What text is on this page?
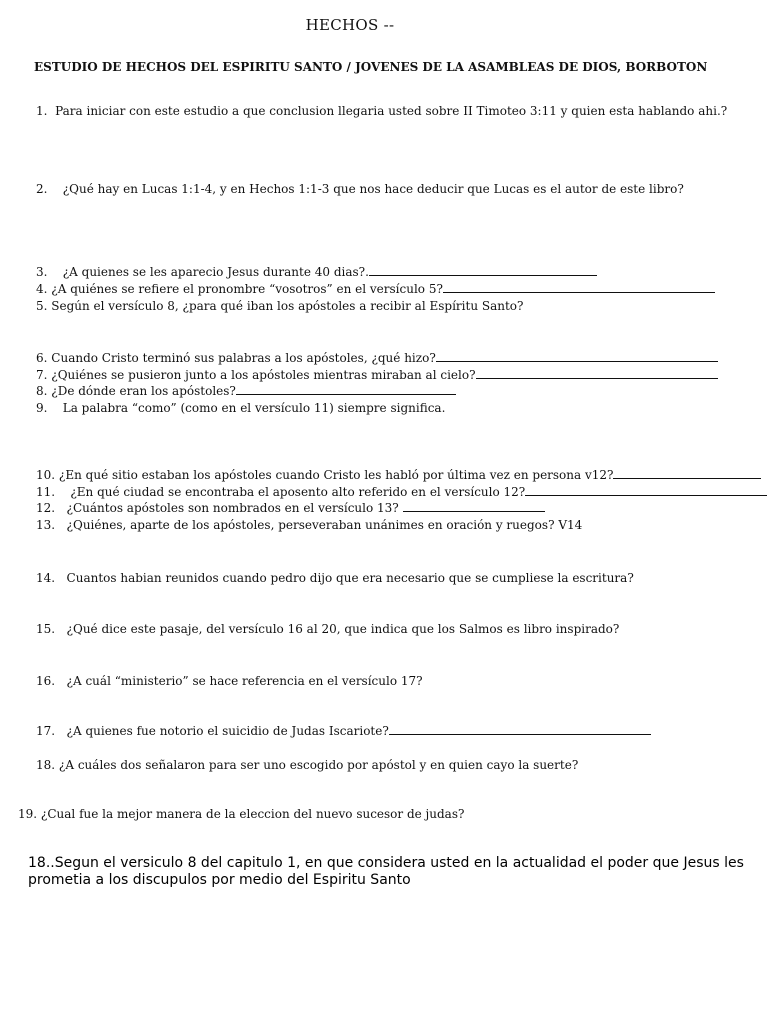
HECHOS --
ESTUDIO DE HECHOS DEL ESPIRITU SANTO / JOVENES DE LA ASAMBLEAS DE DIOS, BORBOTON
1. Para iniciar con este estudio a que conclusion llegaria usted sobre II Timoteo 3:11 y quien esta hablando ahi.?
2. ¿Qué hay en Lucas 1:1-4, y en Hechos 1:1-3 que nos hace deducir que Lucas es el autor de este libro?
3. ¿A quienes se les aparecio Jesus durante 40 dias?.
4. ¿A quiénes se refiere el pronombre “vosotros” en el versículo 5?
5. Según el versículo 8, ¿para qué iban los apóstoles a recibir al Espíritu Santo?
6. Cuando Cristo terminó sus palabras a los apóstoles, ¿qué hizo?
7. ¿Quiénes se pusieron junto a los apóstoles mientras miraban al cielo?
8. ¿De dónde eran los apóstoles?
9. La palabra “como” (como en el versículo 11) siempre significa.
10. ¿En qué sitio estaban los apóstoles cuando Cristo les habló por última vez en persona v12?
11. ¿En qué ciudad se encontraba el aposento alto referido en el versículo 12?
12. ¿Cuántos apóstoles son nombrados en el versículo 13?
13. ¿Quiénes, aparte de los apóstoles, perseveraban unánimes en oración y ruegos? V14
14. Cuantos habian reunidos cuando pedro dijo que era necesario que se cumpliese la escritura?
15. ¿Qué dice este pasaje, del versículo 16 al 20, que indica que los Salmos es libro inspirado?
16. ¿A cuál “ministerio” se hace referencia en el versículo 17?
17. ¿A quienes fue notorio el suicidio de Judas Iscariote?
18. ¿A cuáles dos señalaron para ser uno escogido por apóstol y en quien cayo la suerte?
19. ¿Cual fue la mejor manera de la eleccion del nuevo sucesor de judas?
18..Segun el versiculo 8 del capitulo 1, en que considera usted en la actualidad el poder que Jesus les prometia a los discupulos por medio del Espiritu Santo
